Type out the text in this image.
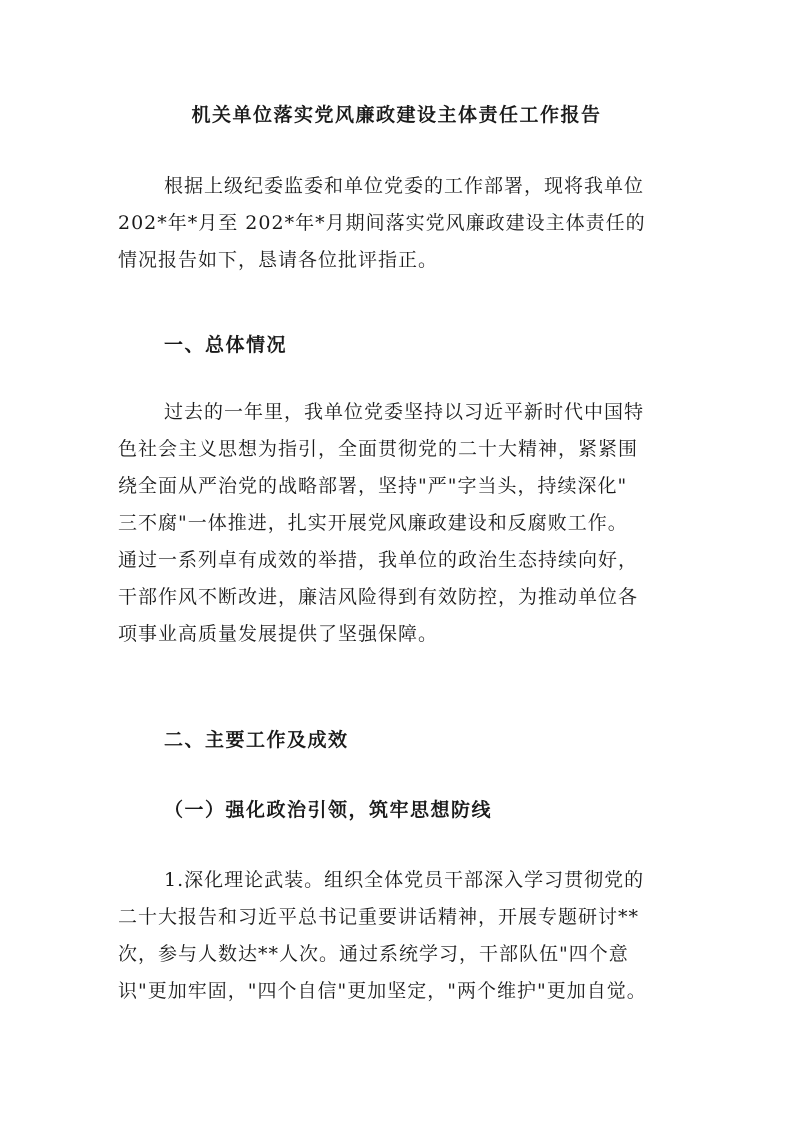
机关单位落实党风廉政建设主体责任工作报告
根据上级纪委监委和单位党委的工作部署，现将我单位
202*年*月至 202*年*月期间落实党风廉政建设主体责任的
情况报告如下，恳请各位批评指正。
一、总体情况
过去的一年里，我单位党委坚持以习近平新时代中国特
色社会主义思想为指引，全面贯彻党的二十大精神，紧紧围
绕全面从严治党的战略部署，坚持"严"字当头，持续深化"
三不腐"一体推进，扎实开展党风廉政建设和反腐败工作。
通过一系列卓有成效的举措，我单位的政治生态持续向好，
干部作风不断改进，廉洁风险得到有效防控，为推动单位各
项事业高质量发展提供了坚强保障。
二、主要工作及成效
（一）强化政治引领，筑牢思想防线
1.深化理论武装。组织全体党员干部深入学习贯彻党的
二十大报告和习近平总书记重要讲话精神，开展专题研讨**
次，参与人数达**人次。通过系统学习，干部队伍"四个意
识"更加牢固，"四个自信"更加坚定，"两个维护"更加自觉。
